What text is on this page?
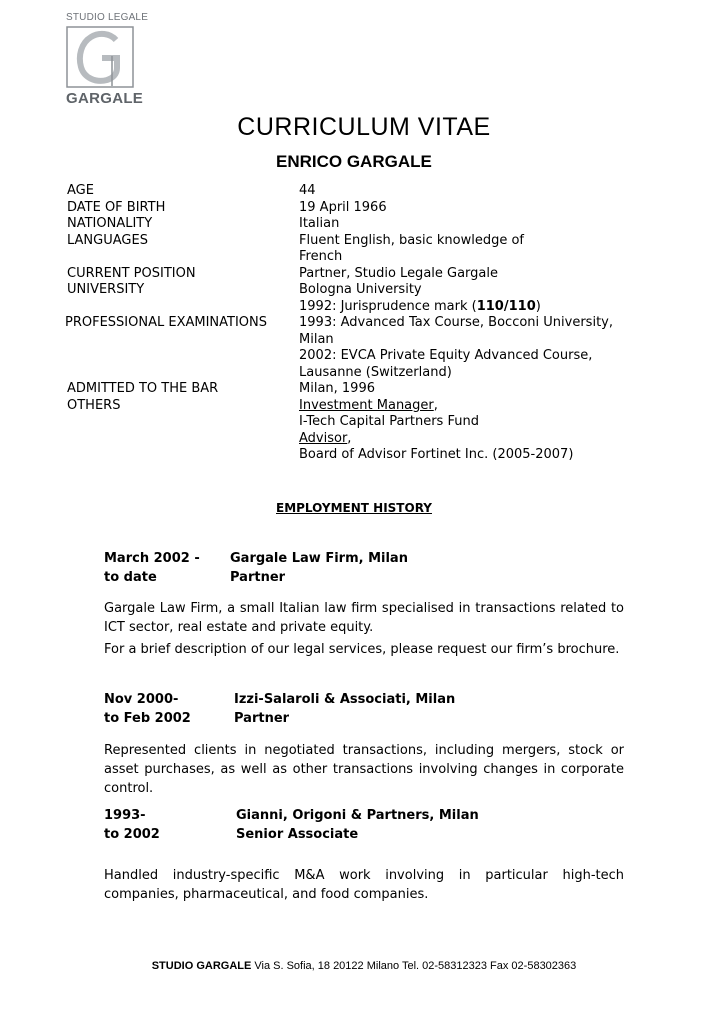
STUDIO LEGALE
GARGALE
CURRICULUM VITAE
ENRICO GARGALE
AGE	44
DATE OF BIRTH	19 April 1966
NATIONALITY	Italian
LANGUAGES	Fluent English, basic knowledge of
French
CURRENT POSITION	Partner, Studio Legale Gargale
UNIVERSITY	Bologna University
1992: Jurisprudence mark (110/110)
PROFESSIONAL EXAMINATIONS 1993: Advanced Tax Course, Bocconi University,
Milan
2002: EVCA Private Equity Advanced Course,
Lausanne (Switzerland)
ADMITTED TO THE BAR	Milan, 1996
OTHERS	Investment Manager,
I-Tech Capital Partners Fund
Advisor,
Board of Advisor Fortinet Inc. (2005-2007)
EMPLOYMENT HISTORY
March 2002 - Gargale Law Firm, Milan
to date	Partner
Gargale Law Firm, a small Italian law firm specialised in transactions related to ICT sector, real estate and private equity.
For a brief description of our legal services, please request our firm’s brochure.
Nov 2000-	Izzi-Salaroli & Associati, Milan
to Feb 2002	Partner
Represented clients in negotiated transactions, including mergers, stock or asset purchases, as well as other transactions involving changes in corporate control.
1993-	Gianni, Origoni & Partners, Milan
to 2002	Senior Associate
Handled industry-specific M&A work involving in particular high-tech companies, pharmaceutical, and food companies.
STUDIO GARGALE Via S. Sofia, 18 20122 Milano Tel. 02-58312323 Fax 02-58302363
